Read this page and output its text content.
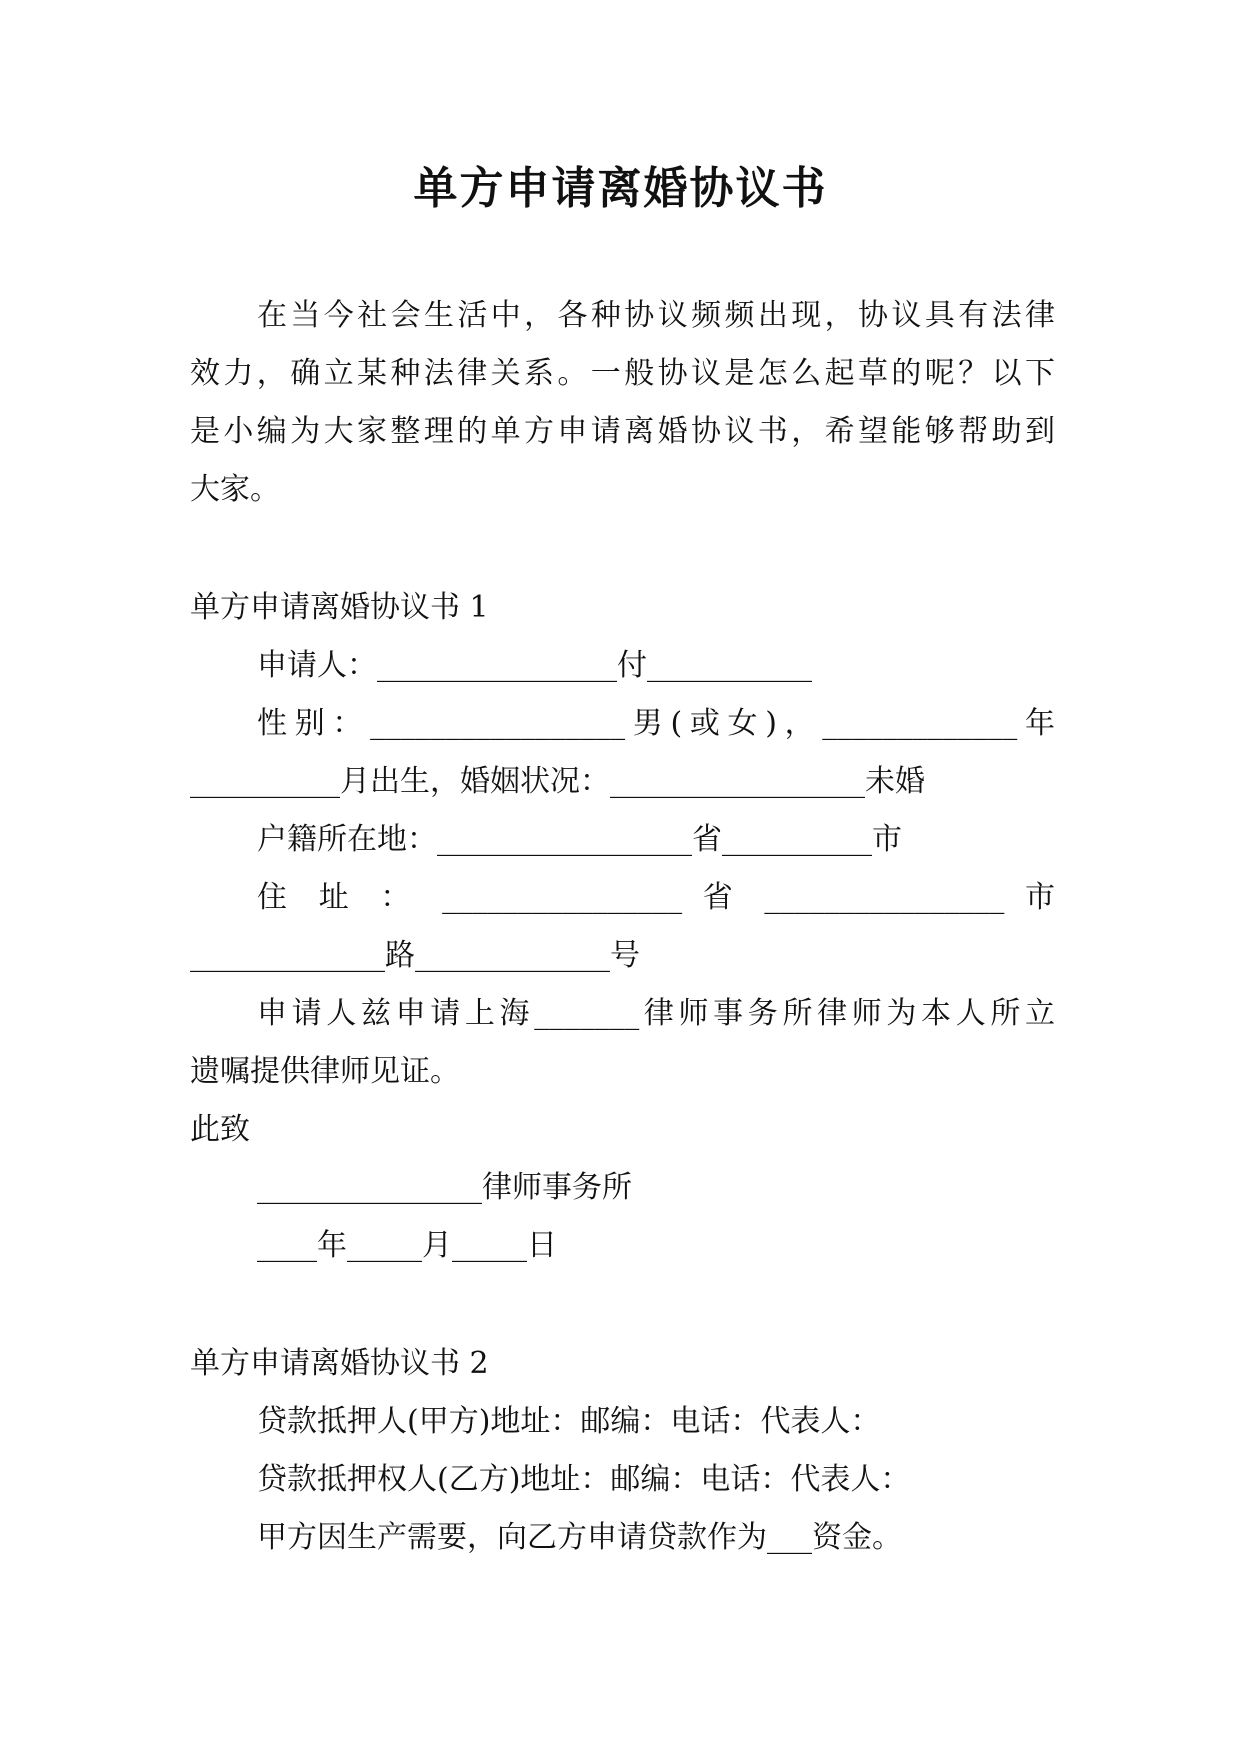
单方申请离婚协议书
在当今社会生活中，各种协议频频出现，协议具有法律
效力，确立某种法律关系。一般协议是怎么起草的呢？以下
是小编为大家整理的单方申请离婚协议书，希望能够帮助到
大家。
单方申请离婚协议书 1
申请人：________________付___________
性别：_________________男(或女)，_____________年
__________月出生，婚姻状况：_________________未婚
户籍所在地：_________________省__________市
住 址 ： ________________ 省 ________________ 市
_____________路_____________号
申请人兹申请上海_______律师事务所律师为本人所立
遗嘱提供律师见证。
此致
_______________律师事务所
____年_____月_____日
单方申请离婚协议书 2
贷款抵押人(甲方)地址：邮编：电话：代表人：
贷款抵押权人(乙方)地址：邮编：电话：代表人：
甲方因生产需要，向乙方申请贷款作为___资金。
